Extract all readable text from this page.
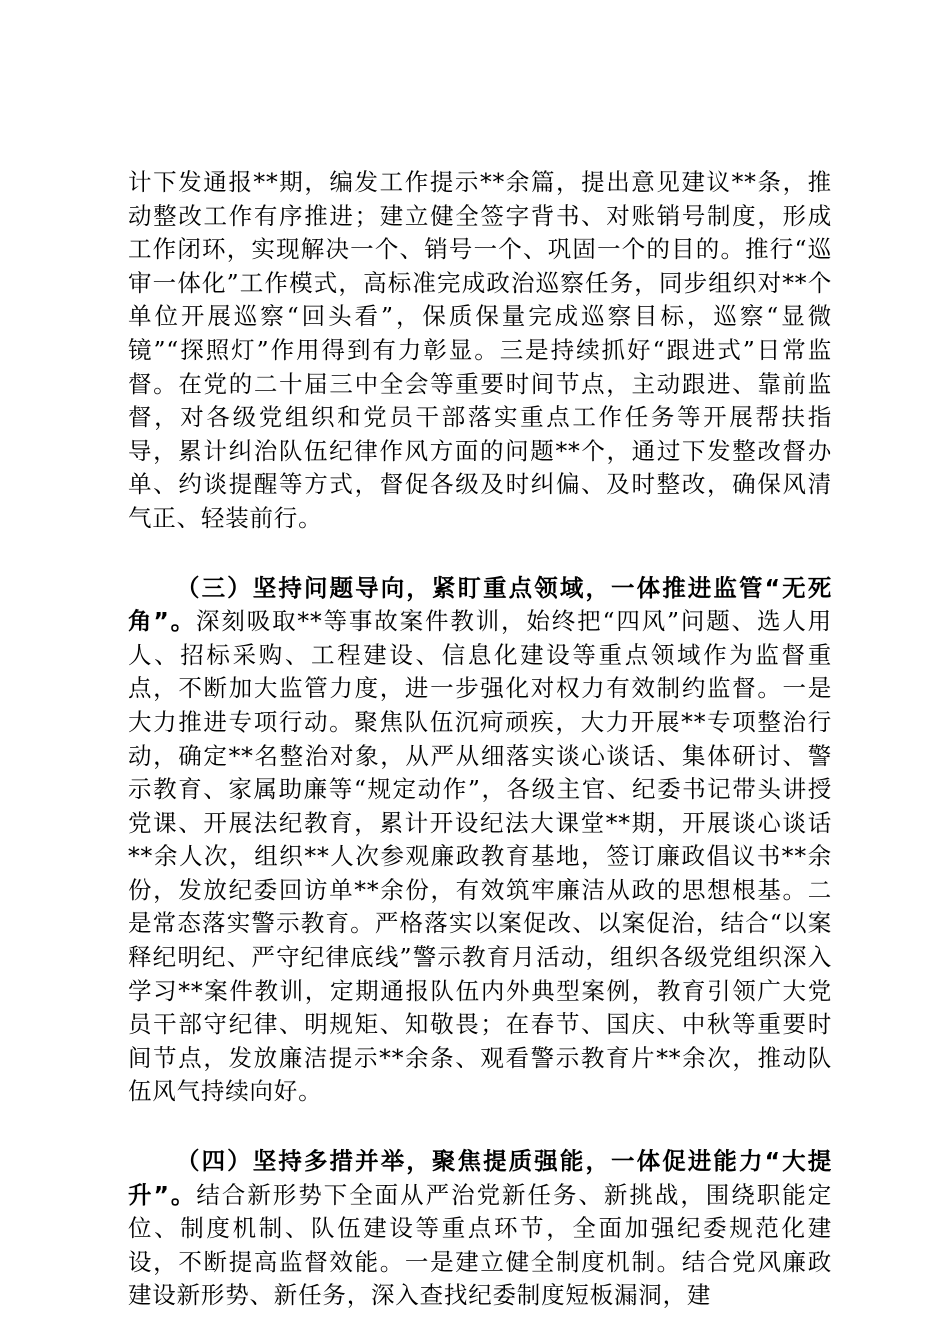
计下发通报**期，编发工作提示**余篇，提出意见建议**条，推动整改工作有序推进；建立健全签字背书、对账销号制度，形成工作闭环，实现解决一个、销号一个、巩固一个的目的。推行“巡审一体化”工作模式，高标准完成政治巡察任务，同步组织对**个单位开展巡察“回头看”，保质保量完成巡察目标，巡察“显微镜”“探照灯”作用得到有力彰显。三是持续抓好“跟进式”日常监督。在党的二十届三中全会等重要时间节点，主动跟进、靠前监督，对各级党组织和党员干部落实重点工作任务等开展帮扶指导，累计纠治队伍纪律作风方面的问题**个，通过下发整改督办单、约谈提醒等方式，督促各级及时纠偏、及时整改，确保风清气正、轻装前行。

（三）坚持问题导向，紧盯重点领域，一体推进监管“无死角”。深刻吸取**等事故案件教训，始终把“四风”问题、选人用人、招标采购、工程建设、信息化建设等重点领域作为监督重点，不断加大监管力度，进一步强化对权力有效制约监督。一是大力推进专项行动。聚焦队伍沉疴顽疾，大力开展**专项整治行动，确定**名整治对象，从严从细落实谈心谈话、集体研讨、警示教育、家属助廉等“规定动作”，各级主官、纪委书记带头讲授党课、开展法纪教育，累计开设纪法大课堂**期，开展谈心谈话**余人次，组织**人次参观廉政教育基地，签订廉政倡议书**余份，发放纪委回访单**余份，有效筑牢廉洁从政的思想根基。二是常态落实警示教育。严格落实以案促改、以案促治，结合“以案释纪明纪、严守纪律底线”警示教育月活动，组织各级党组织深入学习**案件教训，定期通报队伍内外典型案例，教育引领广大党员干部守纪律、明规矩、知敬畏；在春节、国庆、中秋等重要时间节点，发放廉洁提示**余条、观看警示教育片**余次，推动队伍风气持续向好。

（四）坚持多措并举，聚焦提质强能，一体促进能力“大提升”。结合新形势下全面从严治党新任务、新挑战，围绕职能定位、制度机制、队伍建设等重点环节，全面加强纪委规范化建设，不断提高监督效能。一是建立健全制度机制。结合党风廉政建设新形势、新任务，深入查找纪委制度短板漏洞，建
